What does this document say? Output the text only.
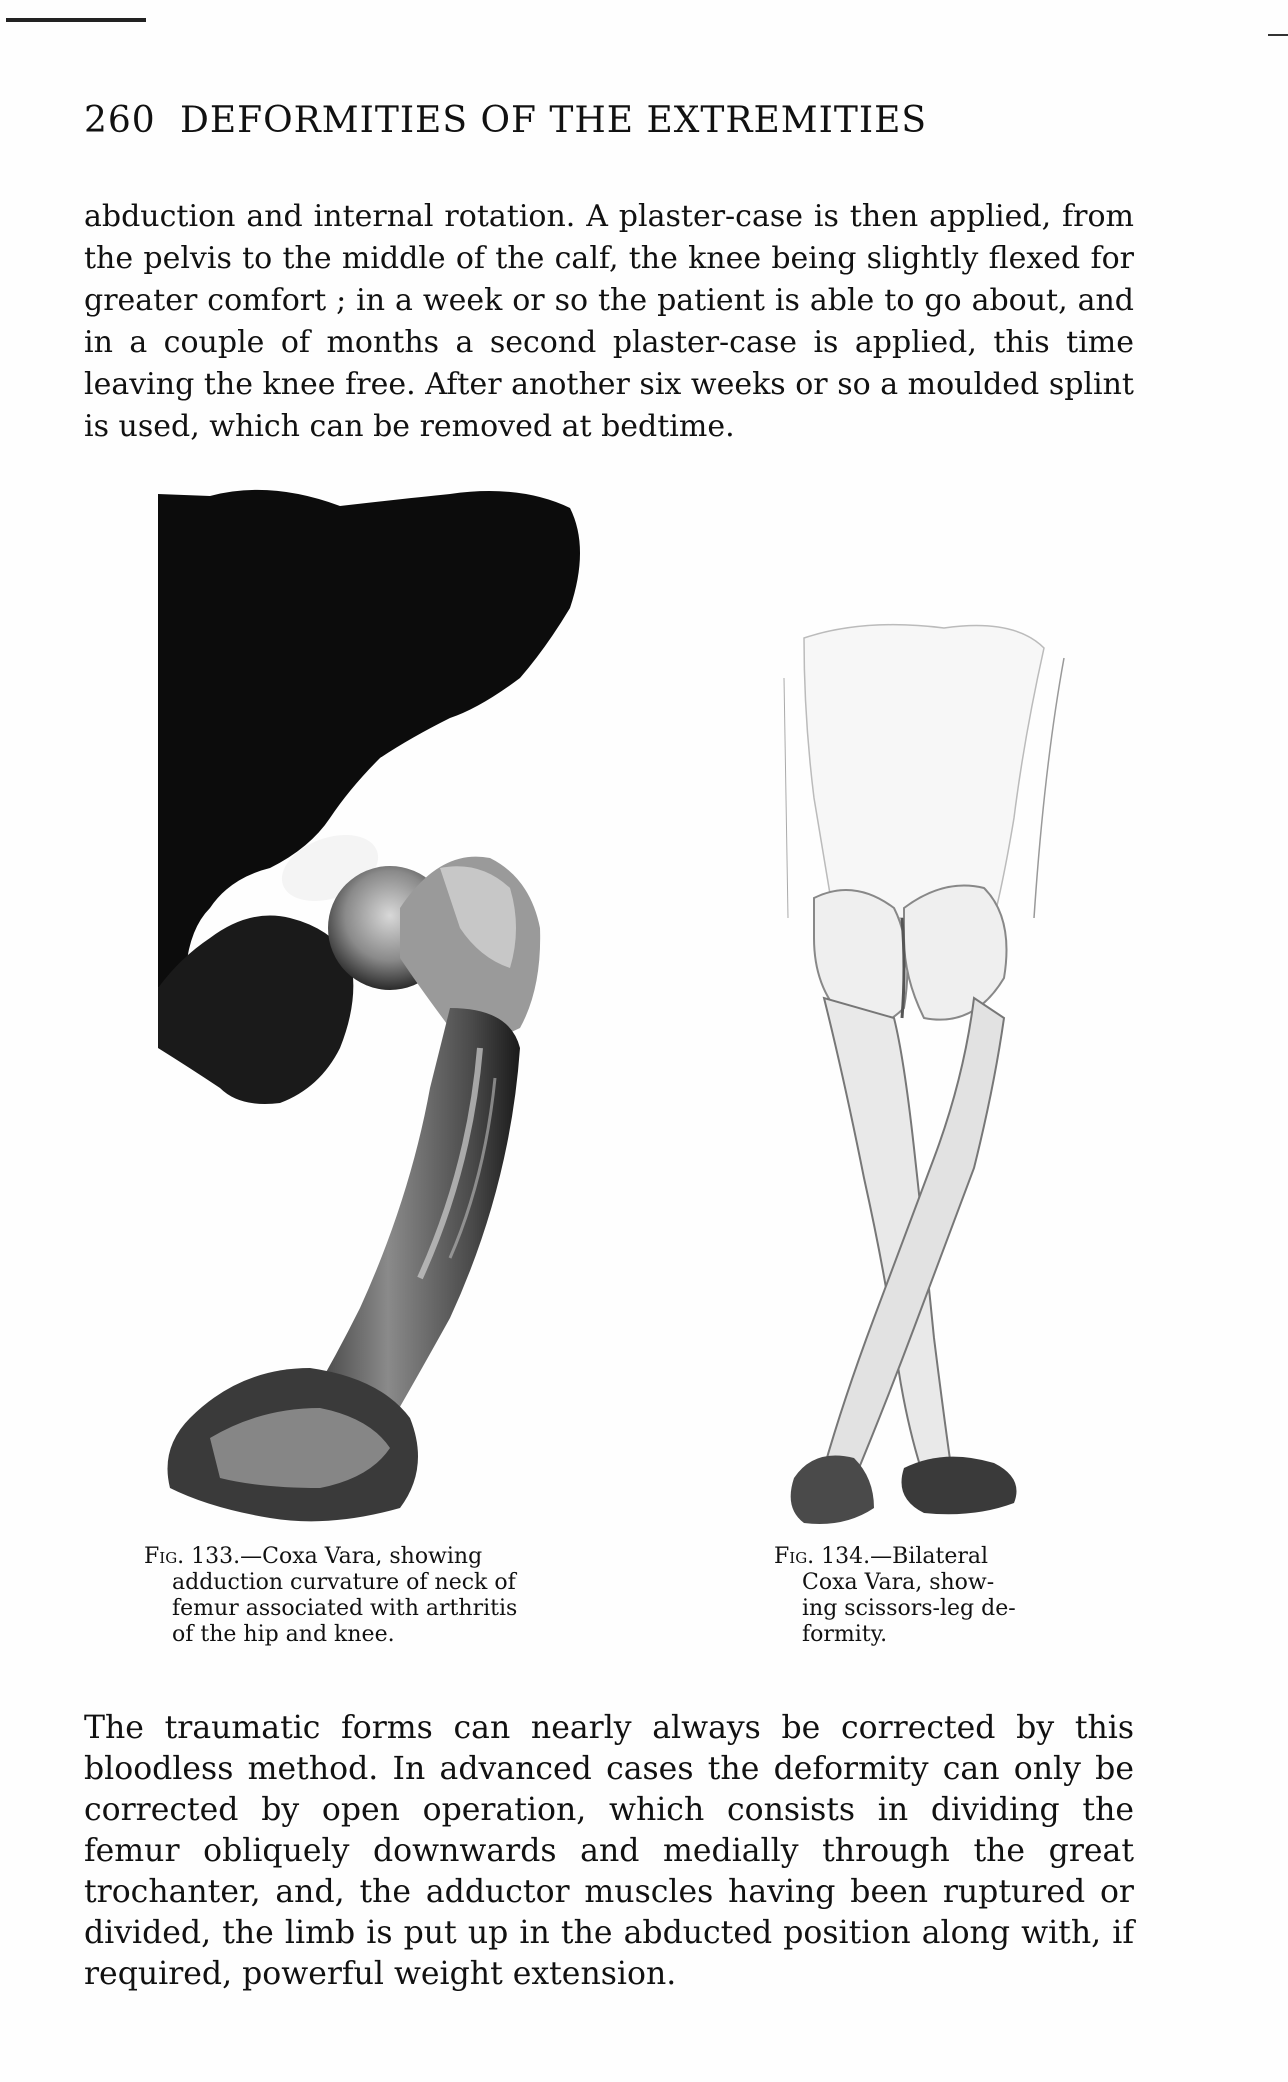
260 DEFORMITIES OF THE EXTREMITIES

abduction and internal rotation. A plaster-case is then applied, from the pelvis to the middle of the calf, the knee being slightly flexed for greater comfort ; in a week or so the patient is able to go about, and in a couple of months a second plaster-case is applied, this time leaving the knee free. After another six weeks or so a moulded splint is used, which can be removed at bedtime.

Fig. 133.—Coxa Vara, showing
adduction curvature of neck of
femur associated with arthritis
of the hip and knee.
Fig. 134.—Bilateral
Coxa Vara, show-
ing scissors-leg de-
formity.

The traumatic forms can nearly always be corrected by this bloodless method. In advanced cases the deformity can only be corrected by open operation, which consists in dividing the femur obliquely downwards and medially through the great trochanter, and, the adductor muscles having been ruptured or divided, the limb is put up in the abducted position along with, if required, powerful weight extension.
